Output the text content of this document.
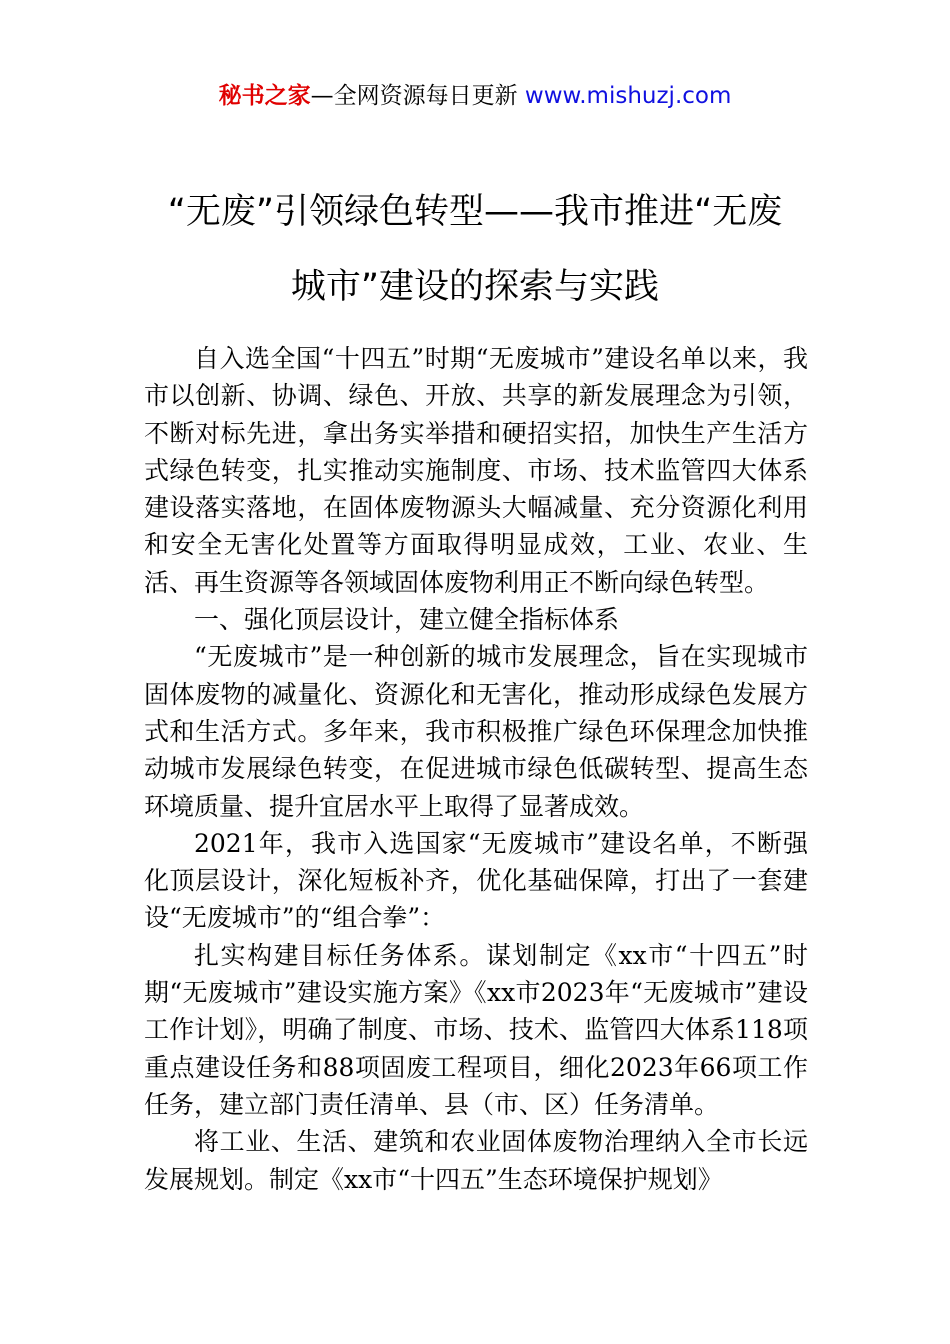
秘书之家—全网资源每日更新 www.mishuzj.com
“无废”引领绿色转型——我市推进“无废
城市”建设的探索与实践

自入选全国“十四五”时期“无废城市”建设名单以来，我市以创新、协调、绿色、开放、共享的新发展理念为引领，不断对标先进，拿出务实举措和硬招实招，加快生产生活方式绿色转变，扎实推动实施制度、市场、技术监管四大体系建设落实落地，在固体废物源头大幅减量、充分资源化利用和安全无害化处置等方面取得明显成效，工业、农业、生活、再生资源等各领域固体废物利用正不断向绿色转型。

一、强化顶层设计，建立健全指标体系

“无废城市”是一种创新的城市发展理念，旨在实现城市固体废物的减量化、资源化和无害化，推动形成绿色发展方式和生活方式。多年来，我市积极推广绿色环保理念加快推动城市发展绿色转变，在促进城市绿色低碳转型、提高生态环境质量、提升宜居水平上取得了显著成效。

2021年，我市入选国家“无废城市”建设名单，不断强化顶层设计，深化短板补齐，优化基础保障，打出了一套建设“无废城市”的“组合拳”：

扎实构建目标任务体系。谋划制定《xx市“十四五”时期“无废城市”建设实施方案》《xx市2023年“无废城市”建设工作计划》，明确了制度、市场、技术、监管四大体系118项重点建设任务和88项固废工程项目，细化2023年66项工作任务，建立部门责任清单、县（市、区）任务清单。

将工业、生活、建筑和农业固体废物治理纳入全市长远发展规划。制定《xx市“十四五”生态环境保护规划》
